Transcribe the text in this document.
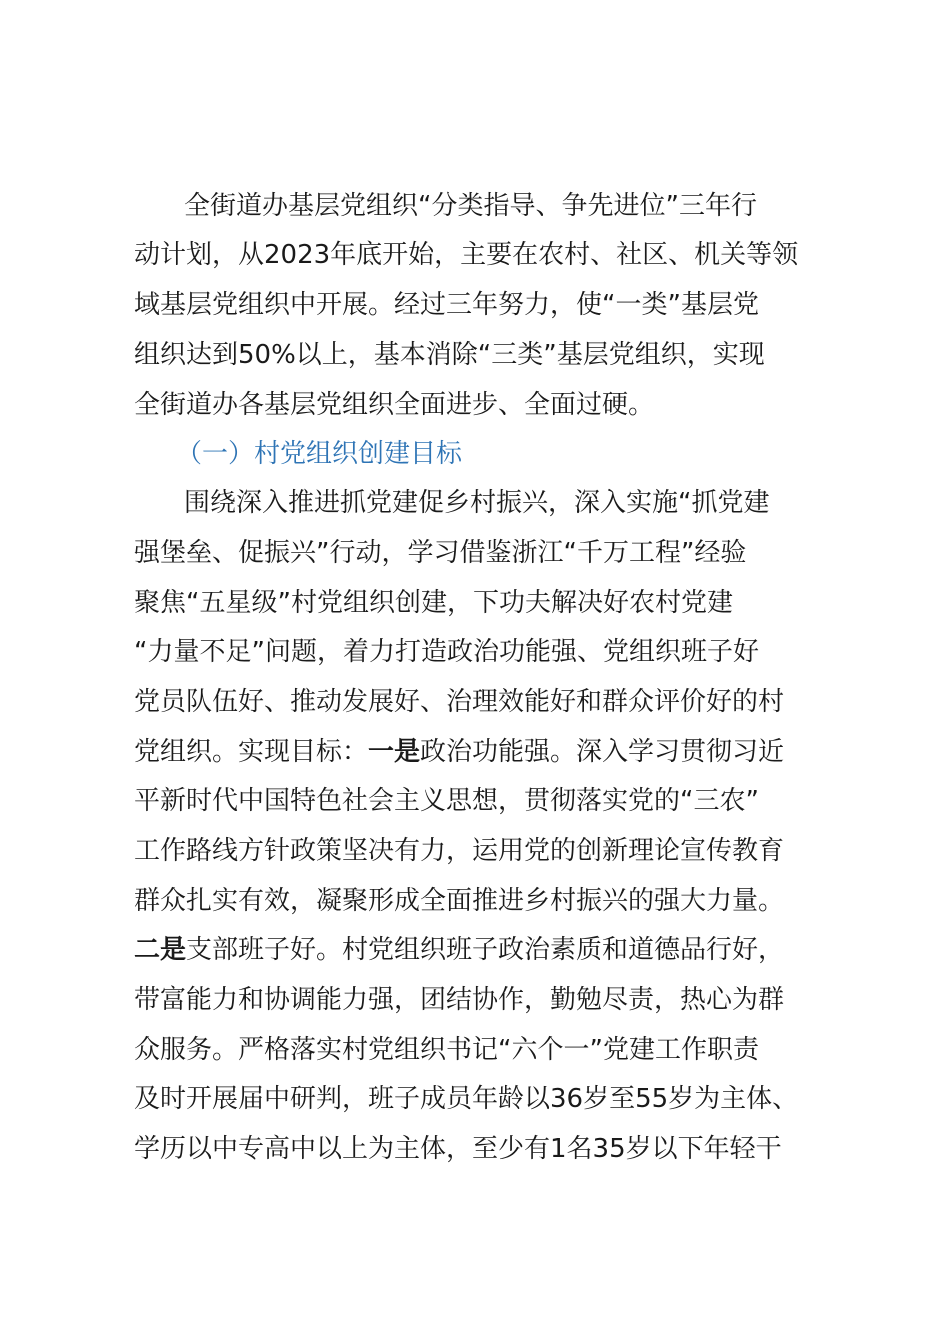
全街道办基层党组织“分类指导、争先进位”三年行
动计划，从2023年底开始，主要在农村、社区、机关等领
域基层党组织中开展。经过三年努力，使“一类”基层党
组织达到50%以上，基本消除“三类”基层党组织，实现
全街道办各基层党组织全面进步、全面过硬。
（一）村党组织创建目标
围绕深入推进抓党建促乡村振兴，深入实施“抓党建
强堡垒、促振兴”行动，学习借鉴浙江“千万工程”经验
聚焦“五星级”村党组织创建，下功夫解决好农村党建
“力量不足”问题，着力打造政治功能强、党组织班子好
党员队伍好、推动发展好、治理效能好和群众评价好的村
党组织。实现目标：一是政治功能强。深入学习贯彻习近
平新时代中国特色社会主义思想，贯彻落实党的“三农”
工作路线方针政策坚决有力，运用党的创新理论宣传教育
群众扎实有效，凝聚形成全面推进乡村振兴的强大力量。
二是支部班子好。村党组织班子政治素质和道德品行好，
带富能力和协调能力强，团结协作，勤勉尽责，热心为群
众服务。严格落实村党组织书记“六个一”党建工作职责
及时开展届中研判，班子成员年龄以36岁至55岁为主体、
学历以中专高中以上为主体，至少有1名35岁以下年轻干
